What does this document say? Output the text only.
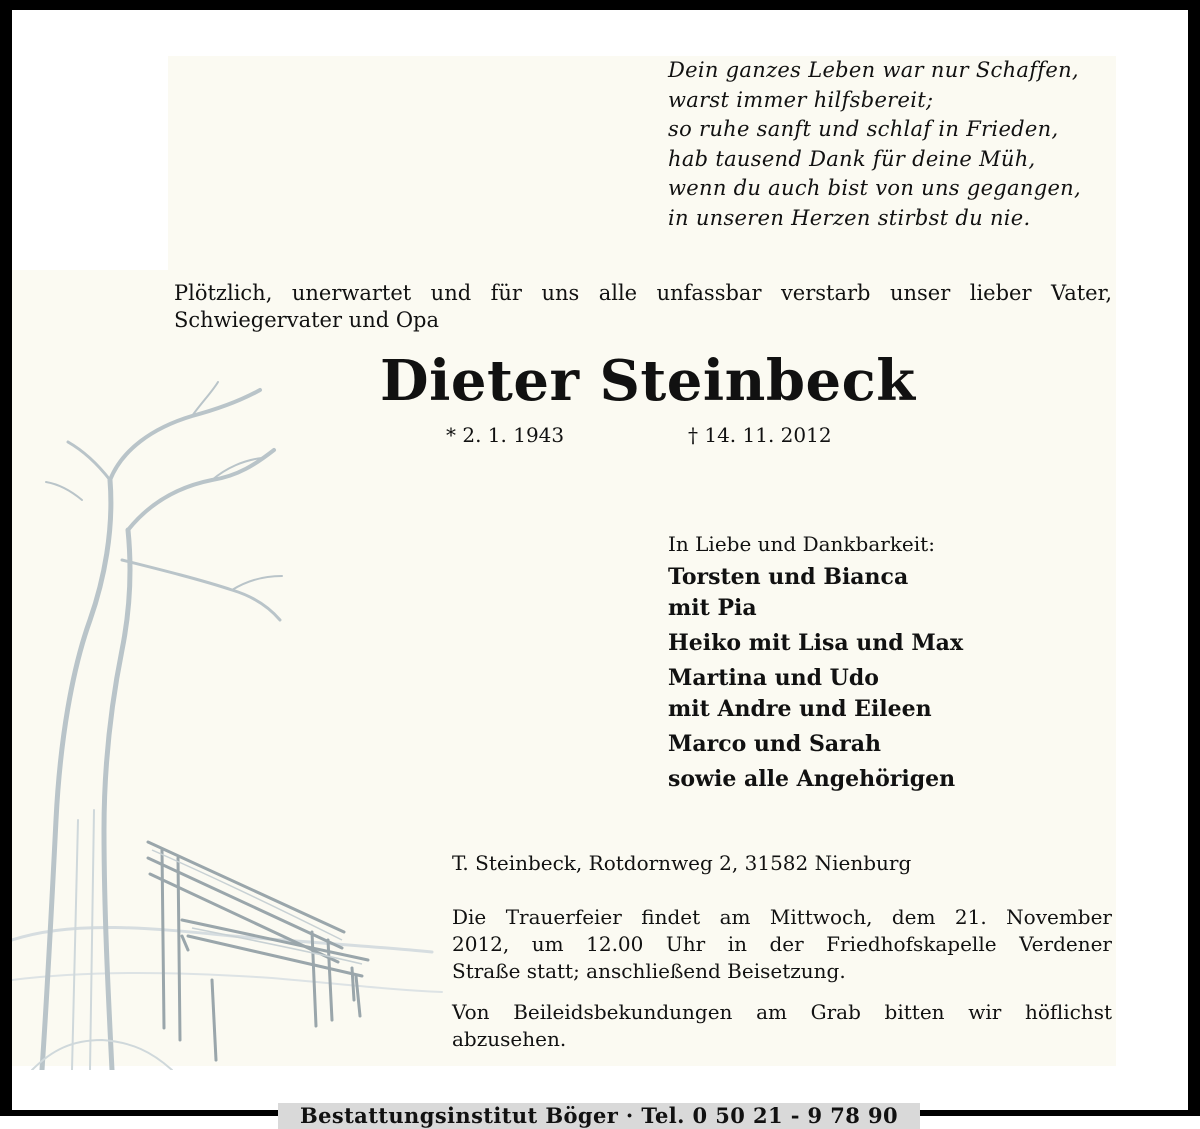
Dein ganzes Leben war nur Schaffen,
warst immer hilfsbereit;
so ruhe sanft und schlaf in Frieden,
hab tausend Dank für deine Müh,
wenn du auch bist von uns gegangen,
in unseren Herzen stirbst du nie.
Plötzlich, unerwartet und für uns alle unfassbar verstarb unser lieber Vater,
Schwiegervater und Opa
Dieter Steinbeck
* 2. 1. 1943	† 14. 11. 2012
In Liebe und Dankbarkeit:
Torsten und Bianca
mit Pia
Heiko mit Lisa und Max
Martina und Udo
mit Andre und Eileen
Marco und Sarah
sowie alle Angehörigen
T. Steinbeck, Rotdornweg 2, 31582 Nienburg
Die Trauerfeier findet am Mittwoch, dem 21. November
2012, um 12.00 Uhr in der Friedhofskapelle Verdener
Straße statt; anschließend Beisetzung.
Von Beileidsbekundungen am Grab bitten wir höflichst
abzusehen.
Bestattungsinstitut Böger · Tel. 0 50 21 - 9 78 90
